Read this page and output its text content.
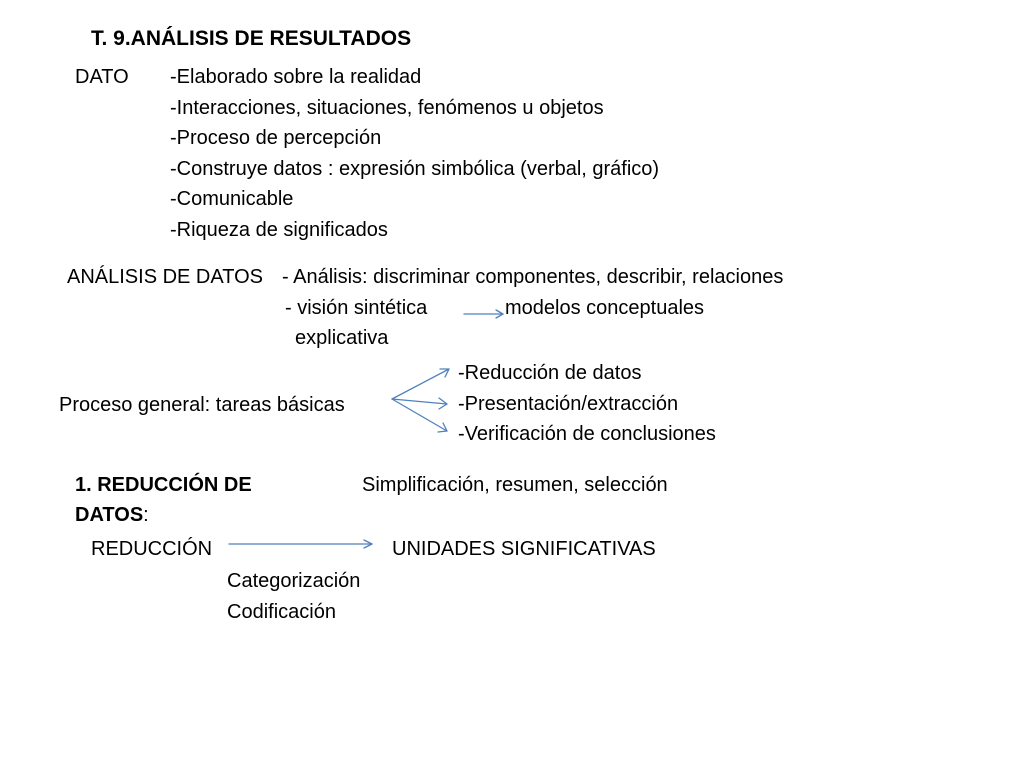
T. 9.ANÁLISIS DE RESULTADOS
DATO -Elaborado sobre la realidad
-Interacciones, situaciones, fenómenos u objetos
-Proceso de percepción
-Construye datos : expresión simbólica (verbal, gráfico)
-Comunicable
-Riqueza de significados
ANÁLISIS DE DATOS - Análisis: discriminar componentes, describir, relaciones
- visión sintética	modelos conceptuales
explicativa
Proceso general: tareas básicas
-Reducción de datos
-Presentación/extracción
-Verificación de conclusiones
1. REDUCCIÓN DE
DATOS:
Simplificación, resumen, selección
REDUCCIÓN	UNIDADES SIGNIFICATIVAS
Categorización
Codificación
